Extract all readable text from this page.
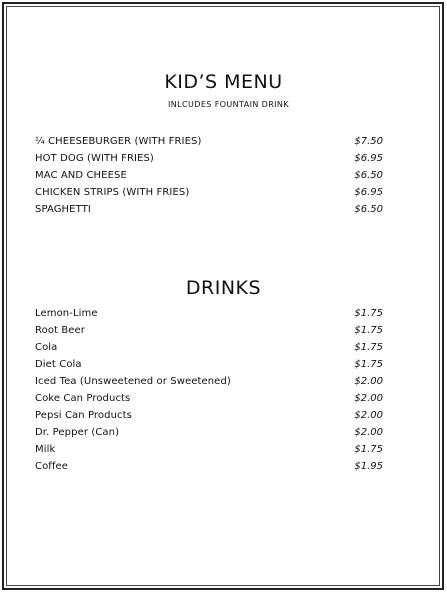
KID’S MENU
INLCUDES FOUNTAIN DRINK
¼ CHEESEBURGER (WITH FRIES)	$7.50
HOT DOG (WITH FRIES)	$6.95
MAC AND CHEESE	$6.50
CHICKEN STRIPS (WITH FRIES)	$6.95
SPAGHETTI	$6.50
DRINKS
Lemon-Lime	$1.75
Root Beer	$1.75
Cola	$1.75
Diet Cola	$1.75
Iced Tea (Unsweetened or Sweetened)	$2.00
Coke Can Products	$2.00
Pepsi Can Products	$2.00
Dr. Pepper (Can)	$2.00
Milk	$1.75
Coffee	$1.95
